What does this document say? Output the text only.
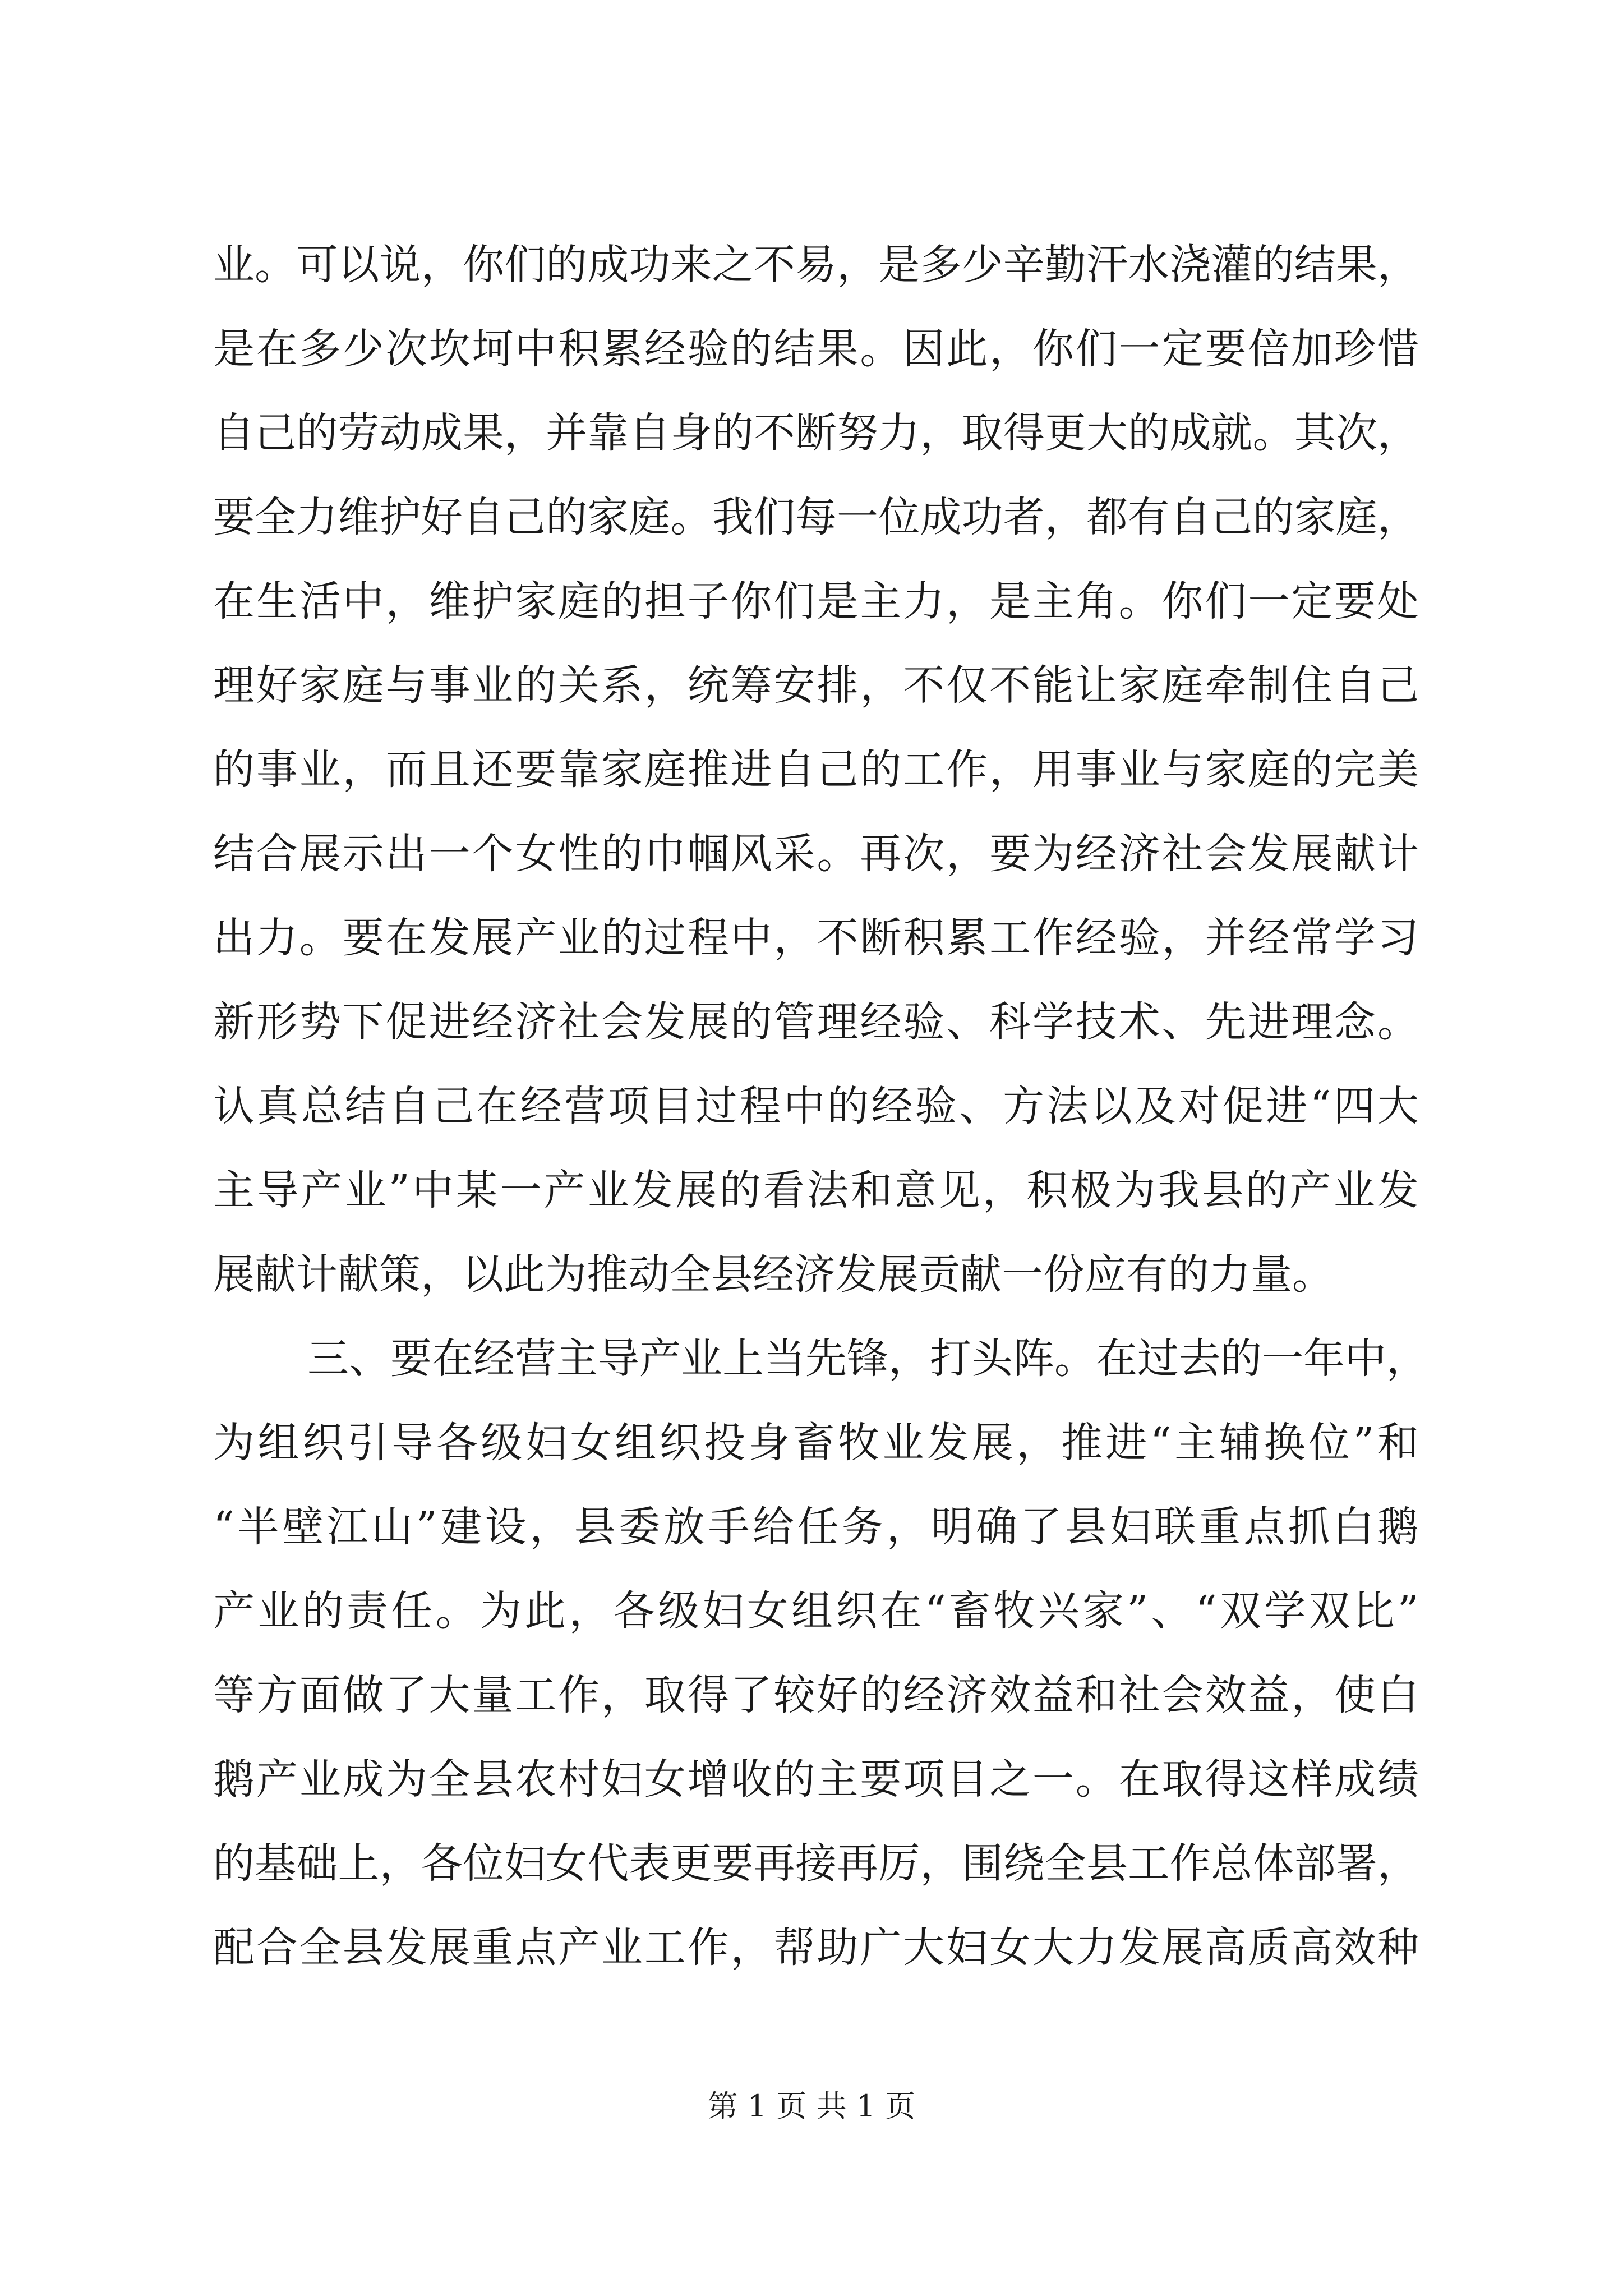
业。可以说，你们的成功来之不易，是多少辛勤汗水浇灌的结果，
是在多少次坎坷中积累经验的结果。因此，你们一定要倍加珍惜
自己的劳动成果，并靠自身的不断努力，取得更大的成就。其次，
要全力维护好自己的家庭。我们每一位成功者，都有自己的家庭，
在生活中，维护家庭的担子你们是主力，是主角。你们一定要处
理好家庭与事业的关系，统筹安排，不仅不能让家庭牵制住自己
的事业，而且还要靠家庭推进自己的工作，用事业与家庭的完美
结合展示出一个女性的巾帼风采。再次，要为经济社会发展献计
出力。要在发展产业的过程中，不断积累工作经验，并经常学习
新形势下促进经济社会发展的管理经验、科学技术、先进理念。
认真总结自己在经营项目过程中的经验、方法以及对促进“四大
主导产业”中某一产业发展的看法和意见，积极为我县的产业发
展献计献策，以此为推动全县经济发展贡献一份应有的力量。
三、要在经营主导产业上当先锋，打头阵。在过去的一年中，
为组织引导各级妇女组织投身畜牧业发展，推进“主辅换位”和
“半壁江山”建设，县委放手给任务，明确了县妇联重点抓白鹅
产业的责任。为此，各级妇女组织在“畜牧兴家”、“双学双比”
等方面做了大量工作，取得了较好的经济效益和社会效益，使白
鹅产业成为全县农村妇女增收的主要项目之一。在取得这样成绩
的基础上，各位妇女代表更要再接再厉，围绕全县工作总体部署，
配合全县发展重点产业工作，帮助广大妇女大力发展高质高效种
第 1 页 共 1 页
